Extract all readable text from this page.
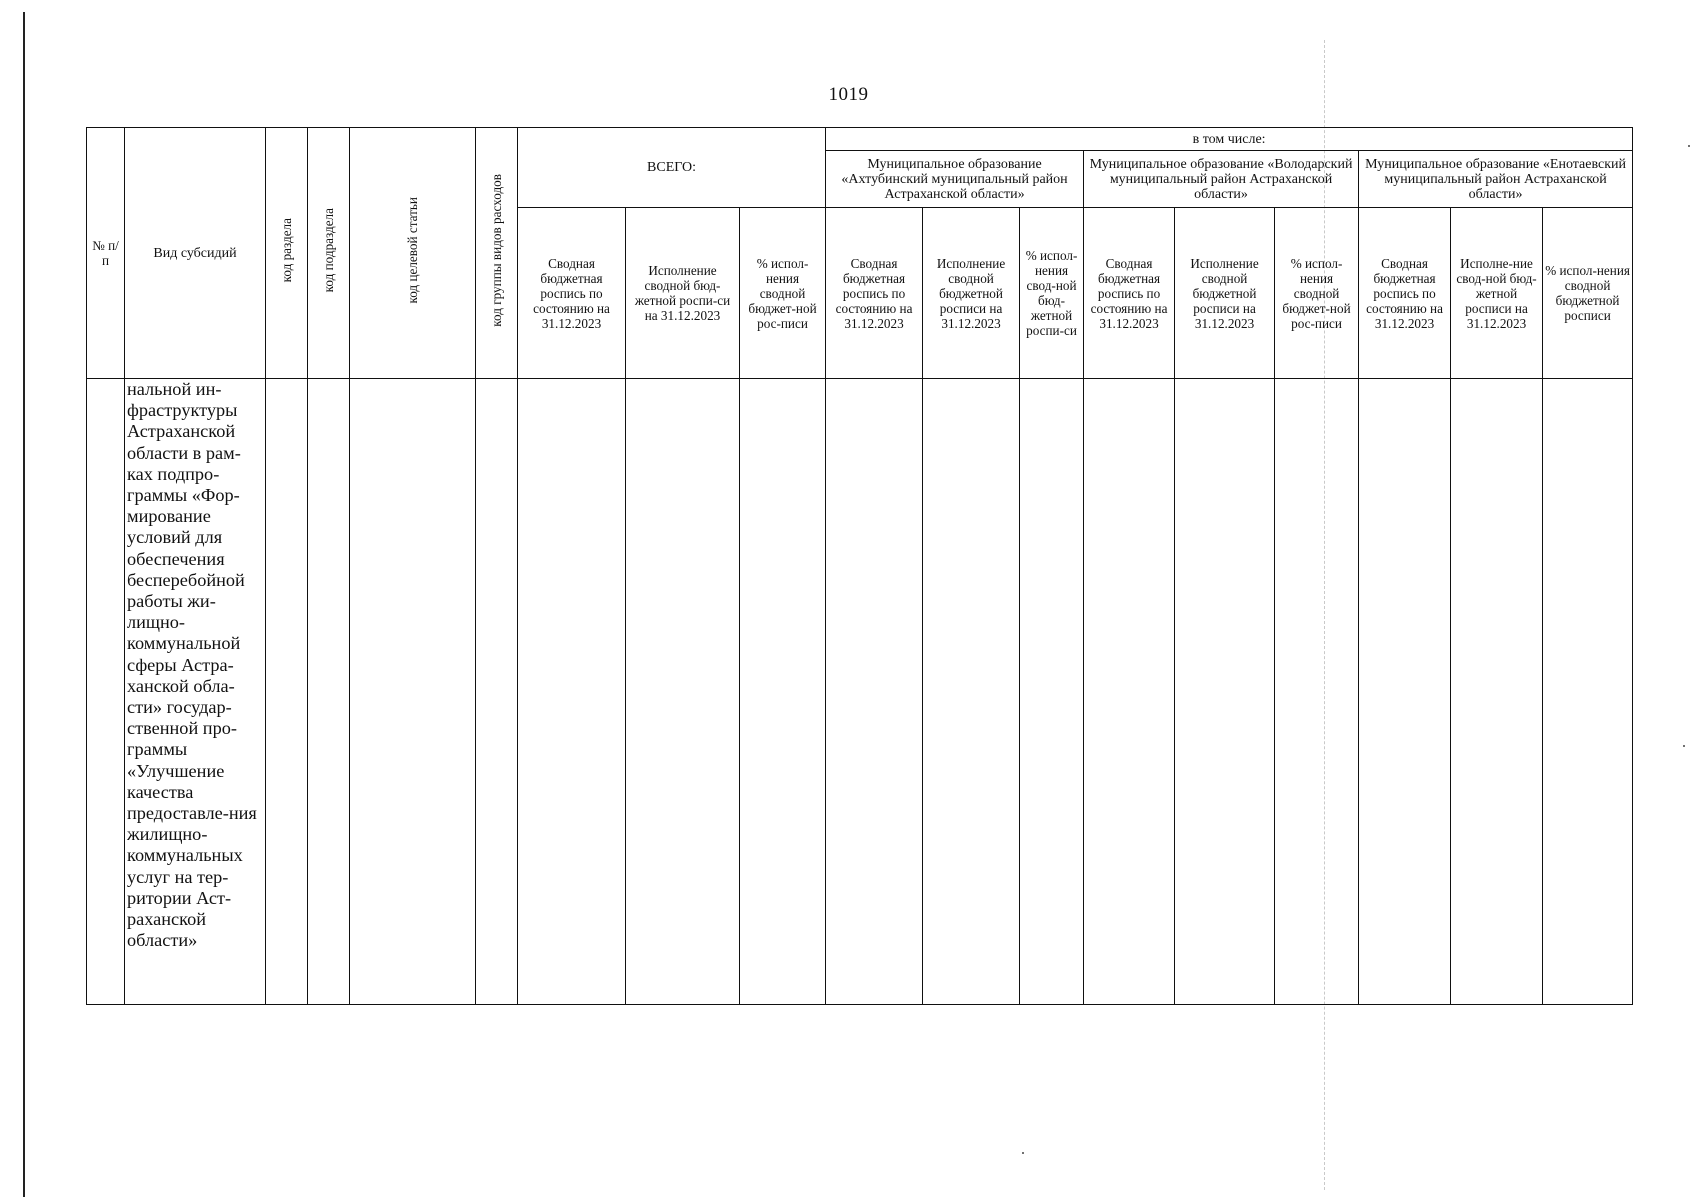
1019
№ п/п	Вид субсидий	код раздела	код подраздела	код целевой статьи	код группы видов расходов	ВСЕГО:			в том числе:								
									Муниципальное образование «Ахтубинский муниципальный район Астраханской области»			Муниципальное образование «Володарский муниципальный район Астраханской области»			Муниципальное образование «Енотаевский муниципальный район Астраханской области»		
						Сводная бюджетная роспись по состоянию на 31.12.2023	Исполнение сводной бюд-жетной роспи-си на 31.12.2023	% испол-нения сводной бюджет-ной рос-писи	Сводная бюджетная роспись по состоянию на 31.12.2023	Исполнение сводной бюджетной росписи на 31.12.2023	% испол-нения свод-ной бюд-жетной роспи-си	Сводная бюджетная роспись по состоянию на 31.12.2023	Исполнение сводной бюджетной росписи на 31.12.2023	% испол-нения сводной бюджет-ной рос-писи	Сводная бюджетная роспись по состоянию на 31.12.2023	Исполне-ние свод-ной бюд-жетной росписи на 31.12.2023	% испол-нения сводной бюджетной росписи
	нальной ин-фраструктуры Астраханской области в рам-ках подпро-граммы «Фор-мирование условий для обеспечения бесперебойной работы жи-лищно-коммунальной сферы Астра-ханской обла-сти» государ-ственной про-граммы «Улучшение качества предоставле-ния жилищно-коммунальных услуг на тер-ритории Аст-раханской области»																
